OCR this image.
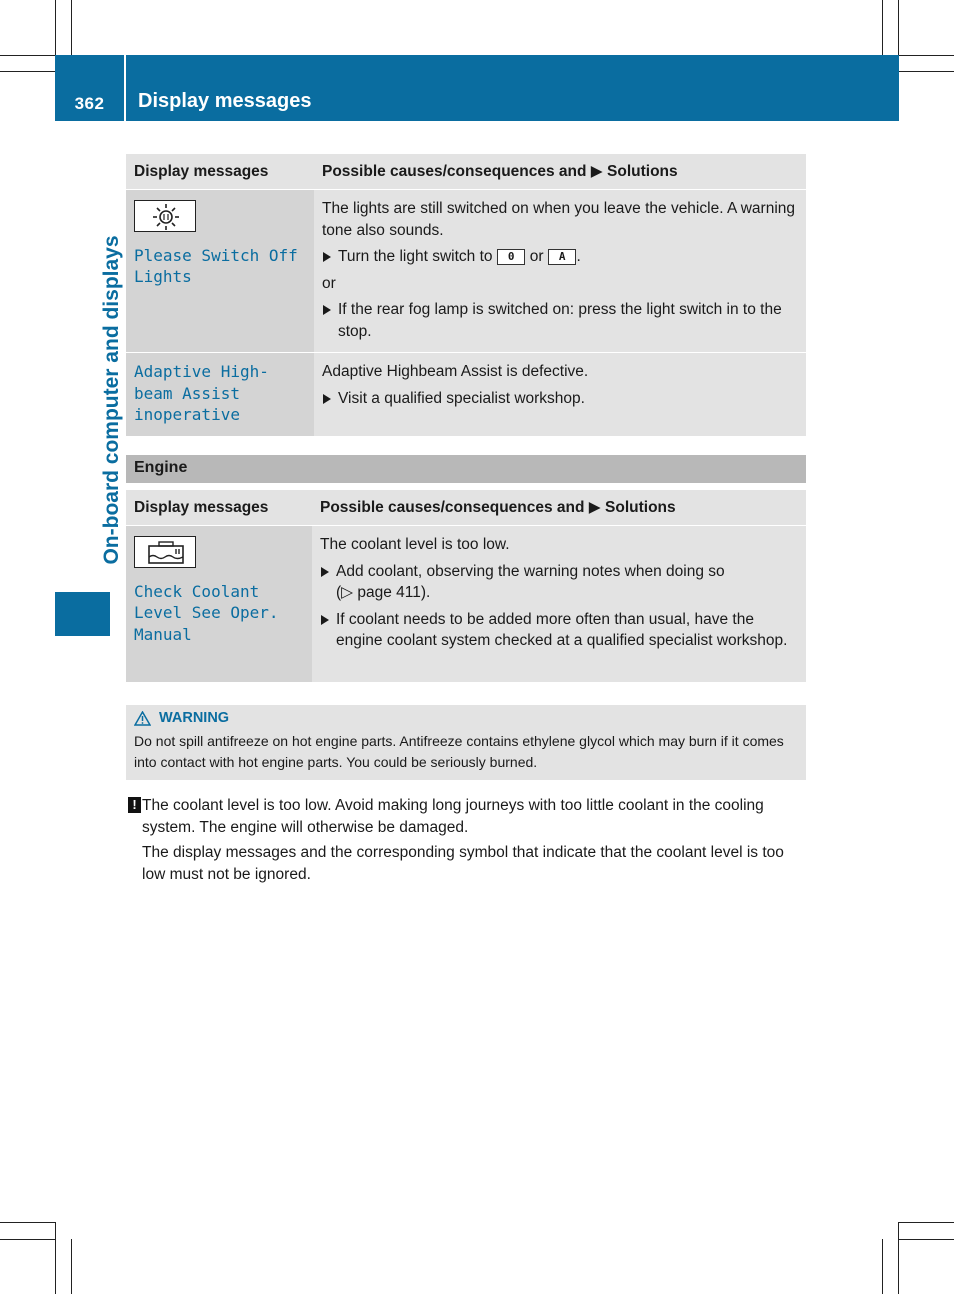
362	Display messages
On-board computer and displays
Display messages	Possible causes/consequences and ▶ Solutions

Please Switch Off Lights	The lights are still switched on when you leave the vehicle. A warning tone also sounds.
Turn the light switch to 0 or A .
or
If the rear fog lamp is switched on: press the light switch in to the stop.

Adaptive High-beam Assist inoperative	Adaptive Highbeam Assist is defective.
Visit a qualified specialist workshop.
Engine
Display messages	Possible causes/consequences and ▶ Solutions

Check Coolant Level See Oper. Manual	The coolant level is too low.
Add coolant, observing the warning notes when doing so
(▷ page 411).
If coolant needs to be added more often than usual, have the engine coolant system checked at a qualified specialist workshop.
WARNING
Do not spill antifreeze on hot engine parts. Antifreeze contains ethylene glycol which may burn if it comes into contact with hot engine parts. You could be seriously burned.
! The coolant level is too low. Avoid making long journeys with too little coolant in the cooling system. The engine will otherwise be damaged.

The display messages and the corresponding symbol that indicate that the coolant level is too low must not be ignored.
